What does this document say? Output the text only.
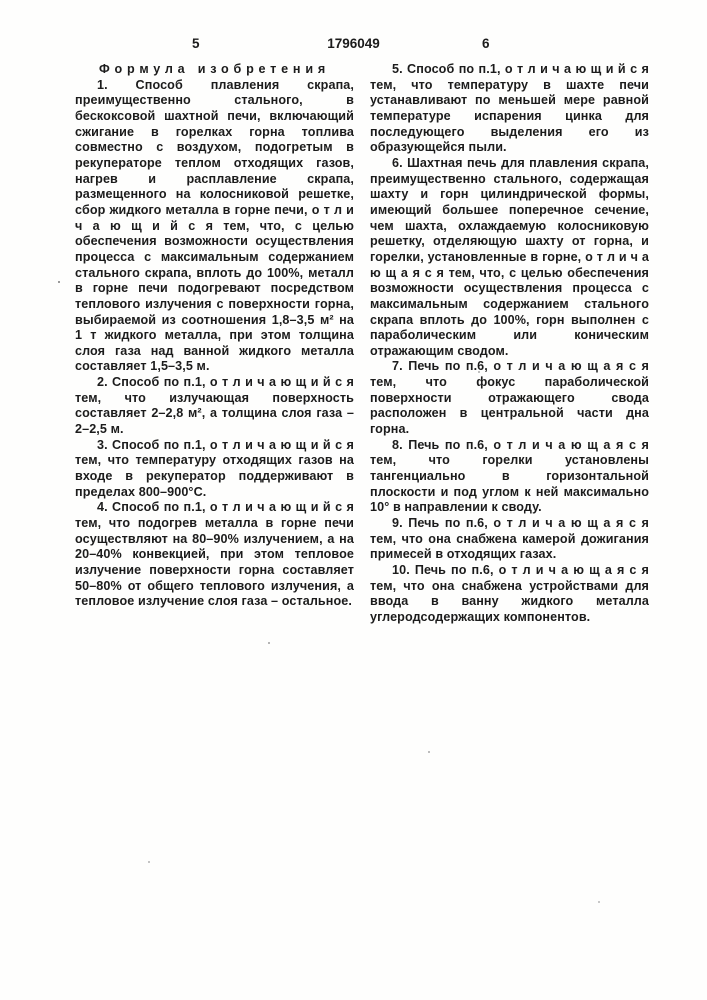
5	1796049	6

Формула изобретения

1. Способ плавления скрапа, преимущественно стального, в бескоксовой шахтной печи, включающий сжигание в горелках горна топлива совместно с воздухом, подогретым в рекуператоре теплом отходящих газов, нагрев и расплавление скрапа, размещенного на колосниковой решетке, сбор жидкого металла в горне печи, о т л и ч а ю щ и й с я тем, что, с целью обеспечения возможности осуществления процесса с максимальным содержанием стального скрапа, вплоть до 100%, металл в горне печи подогревают посредством теплового излучения с поверхности горна, выбираемой из соотношения 1,8–3,5 м² на 1 т жидкого металла, при этом толщина слоя газа над ванной жидкого металла составляет 1,5–3,5 м.

2. Способ по п.1, о т л и ч а ю щ и й с я тем, что излучающая поверхность составляет 2–2,8 м², а толщина слоя газа – 2–2,5 м.

3. Способ по п.1, о т л и ч а ю щ и й с я тем, что температуру отходящих газов на входе в рекуператор поддерживают в пределах 800–900°С.

4. Способ по п.1, о т л и ч а ю щ и й с я тем, что подогрев металла в горне печи осуществляют на 80–90% излучением, а на 20–40% конвекцией, при этом тепловое излучение поверхности горна составляет 50–80% от общего теплового излучения, а тепловое излучение слоя газа – остальное.

5. Способ по п.1, о т л и ч а ю щ и й с я тем, что температуру в шахте печи устанавливают по меньшей мере равной температуре испарения цинка для последующего выделения его из образующейся пыли.

6. Шахтная печь для плавления скрапа, преимущественно стального, содержащая шахту и горн цилиндрической формы, имеющий большее поперечное сечение, чем шахта, охлаждаемую колосниковую решетку, отделяющую шахту от горна, и горелки, установленные в горне, о т л и ч а ю щ а я с я тем, что, с целью обеспечения возможности осуществления процесса с максимальным содержанием стального скрапа вплоть до 100%, горн выполнен с параболическим или коническим отражающим сводом.

7. Печь по п.6, о т л и ч а ю щ а я с я тем, что фокус параболической поверхности отражающего свода расположен в центральной части дна горна.

8. Печь по п.6, о т л и ч а ю щ а я с я тем, что горелки установлены тангенциально в горизонтальной плоскости и под углом к ней максимально 10° в направлении к своду.

9. Печь по п.6, о т л и ч а ю щ а я с я тем, что она снабжена камерой дожигания примесей в отходящих газах.

10. Печь по п.6, о т л и ч а ю щ а я с я тем, что она снабжена устройствами для ввода в ванну жидкого металла углеродсодержащих компонентов.
